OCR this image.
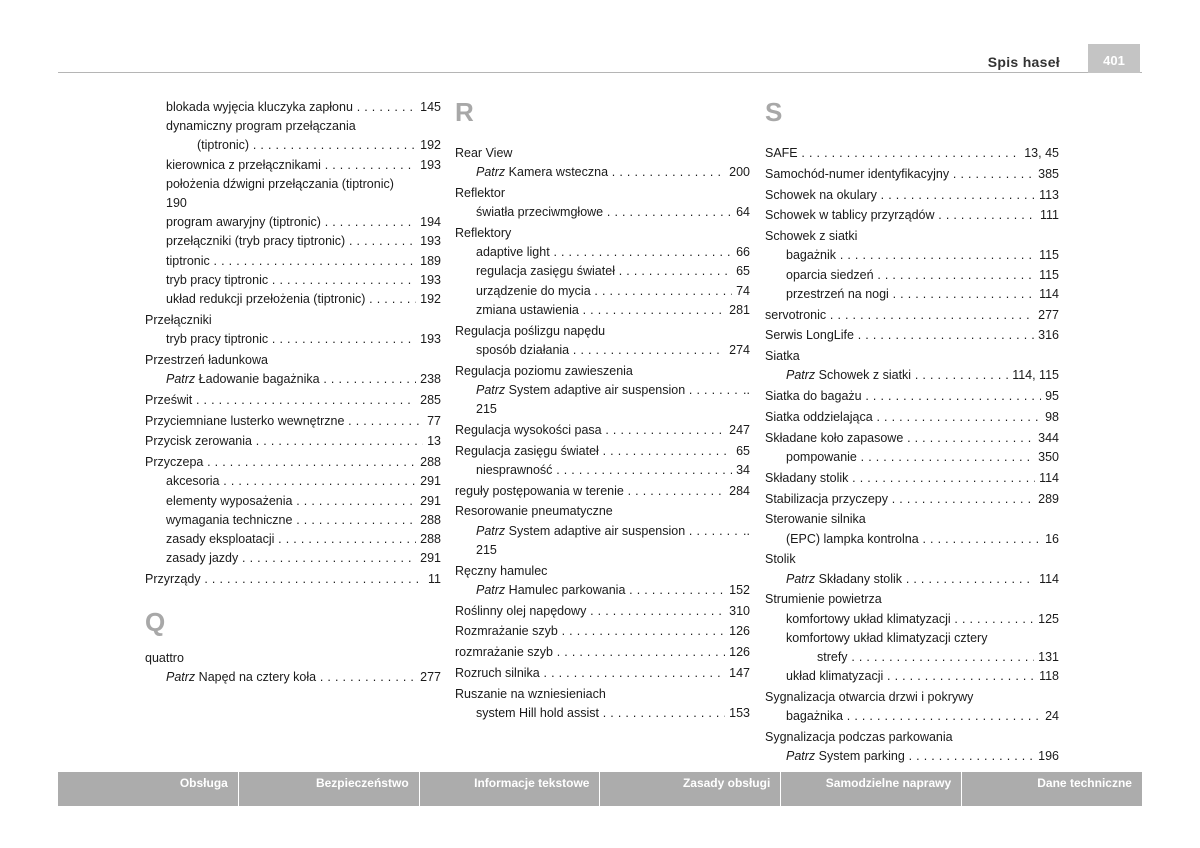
Spis haseł	401
blokada wyjęcia kluczyka zapłonu . . .	145
dynamiczny program przełączania
(tiptronic) . . .	192
kierownica z przełącznikami . . .	193
położenia dźwigni przełączania (tiptronic)
190
program awaryjny (tiptronic) . . .	194
przełączniki (tryb pracy tiptronic) . . .	193
tiptronic . . .	189
tryb pracy tiptronic . . .	193
układ redukcji przełożenia (tiptronic) . . .	192
Przełączniki
tryb pracy tiptronic . . .	193
Przestrzeń ładunkowa
Patrz Ładowanie bagażnika . . .	238
Prześwit . . .	285
Przyciemniane lusterko wewnętrzne . . .	77
Przycisk zerowania . . .	13
Przyczepa . . .	288
akcesoria . . .	291
elementy wyposażenia . . .	291
wymagania techniczne . . .	288
zasady eksploatacji . . .	288
zasady jazdy . . .	291
Przyrządy . . .	11
Q
quattro
Patrz Napęd na cztery koła . . .	277
R
Rear View
Patrz Kamera wsteczna . . .	200
Reflektor
światła przeciwmgłowe . . .	64
Reflektory
adaptive light . . .	66
regulacja zasięgu świateł . . .	65
urządzenie do mycia . . .	74
zmiana ustawienia . . .	281
Regulacja poślizgu napędu
sposób działania . . .	274
Regulacja poziomu zawieszenia
Patrz System adaptive air suspension . . .	..
215
Regulacja wysokości pasa . . .	247
Regulacja zasięgu świateł . . .	65
niesprawność . . .	34
reguły postępowania w terenie . . .	284
Resorowanie pneumatyczne
Patrz System adaptive air suspension . . .	..
215
Ręczny hamulec
Patrz Hamulec parkowania . . .	152
Roślinny olej napędowy . . .	310
Rozmrażanie szyb . . .	126
rozmrażanie szyb . . .	126
Rozruch silnika . . .	147
Ruszanie na wzniesieniach
system Hill hold assist . . .	153
S
SAFE . . .	13, 45
Samochód-numer identyfikacyjny . . .	385
Schowek na okulary . . .	113
Schowek w tablicy przyrządów . . .	111
Schowek z siatki
bagażnik . . .	115
oparcia siedzeń . . .	115
przestrzeń na nogi . . .	114
servotronic . . .	277
Serwis LongLife . . .	316
Siatka
Patrz Schowek z siatki . . .	114, 115
Siatka do bagażu . . .	95
Siatka oddzielająca . . .	98
Składane koło zapasowe . . .	344
pompowanie . . .	350
Składany stolik . . .	114
Stabilizacja przyczepy . . .	289
Sterowanie silnika
(EPC) lampka kontrolna . . .	16
Stolik
Patrz Składany stolik . . .	114
Strumienie powietrza
komfortowy układ klimatyzacji . . .	125
komfortowy układ klimatyzacji cztery
strefy . . .	131
układ klimatyzacji . . .	118
Sygnalizacja otwarcia drzwi i pokrywy
bagażnika . . .	24
Sygnalizacja podczas parkowania
Patrz System parking . . .	196
Obsługa	Bezpieczeństwo	Informacje tekstowe	Zasady obsługi	Samodzielne naprawy	Dane techniczne
